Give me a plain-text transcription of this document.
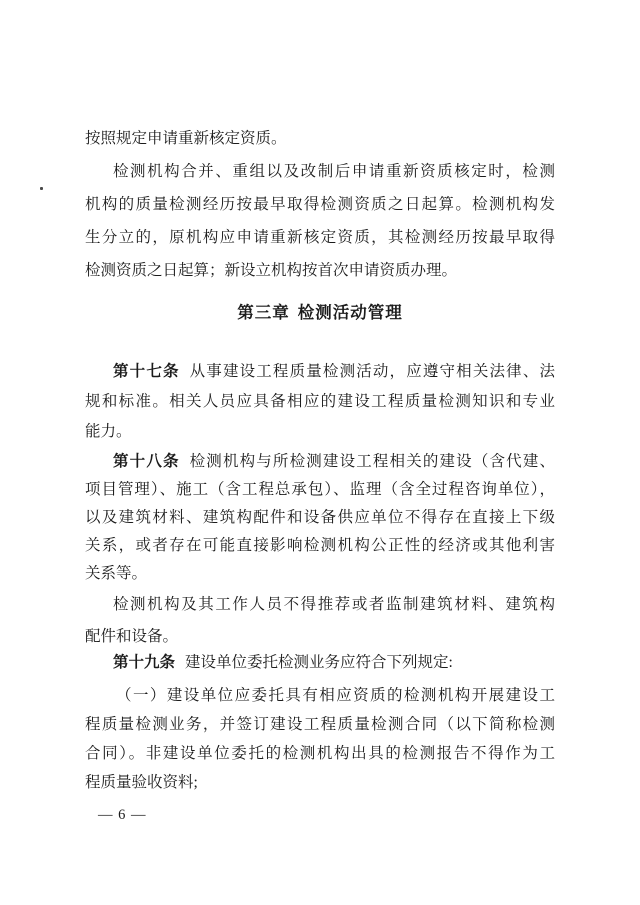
按照规定申请重新核定资质。
检测机构合并、重组以及改制后申请重新资质核定时，检测
机构的质量检测经历按最早取得检测资质之日起算。检测机构发
生分立的，原机构应申请重新核定资质，其检测经历按最早取得
检测资质之日起算；新设立机构按首次申请资质办理。
第三章 检测活动管理
第十七条 从事建设工程质量检测活动，应遵守相关法律、法
规和标准。相关人员应具备相应的建设工程质量检测知识和专业
能力。
第十八条 检测机构与所检测建设工程相关的建设（含代建、
项目管理）、施工（含工程总承包）、监理（含全过程咨询单位），
以及建筑材料、建筑构配件和设备供应单位不得存在直接上下级
关系，或者存在可能直接影响检测机构公正性的经济或其他利害
关系等。
检测机构及其工作人员不得推荐或者监制建筑材料、建筑构
配件和设备。
第十九条 建设单位委托检测业务应符合下列规定:
（一）建设单位应委托具有相应资质的检测机构开展建设工
程质量检测业务，并签订建设工程质量检测合同（以下简称检测
合同）。非建设单位委托的检测机构出具的检测报告不得作为工
程质量验收资料;
— 6 —
